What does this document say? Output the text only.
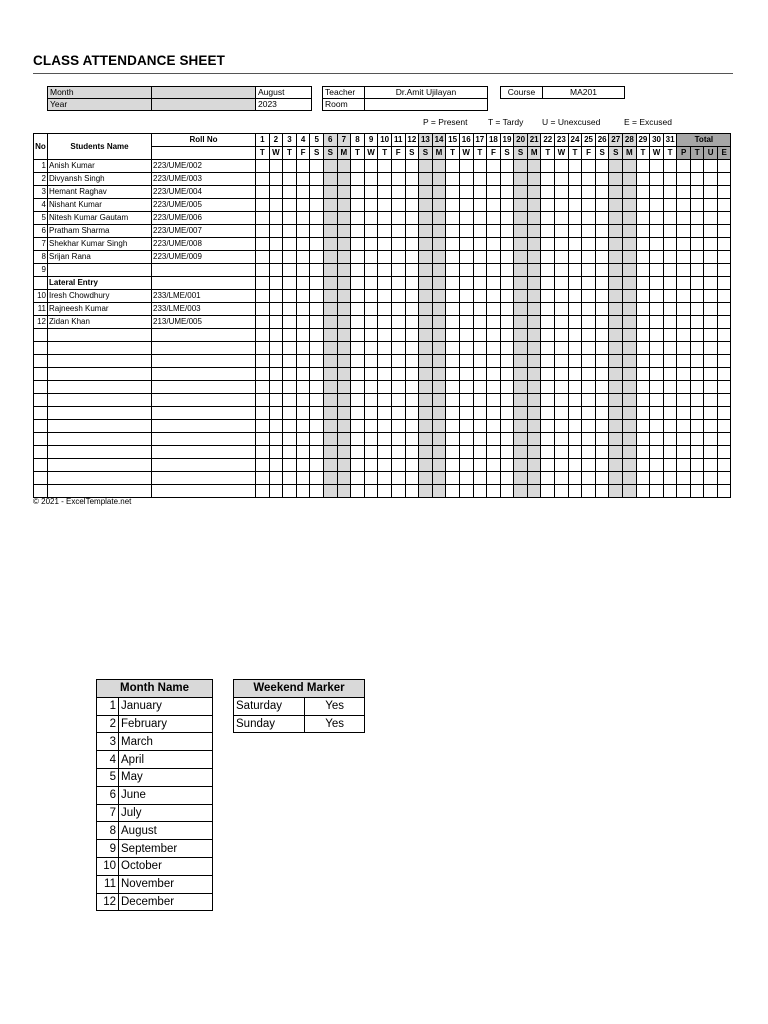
CLASS ATTENDANCE SHEET
Month		August
Year		2023
Teacher	Dr.Amit Ujilayan
Room	
Course	MA201
P = Present T = Tardy U = Unexcused	E = Excused
No	Students Name	Roll No	1	2	3	4	5	6	7	8	9	10	11	12	13	14	15	16	17	18	19	20	21	22	23	24	25	26	27	28	29	30	31	Total			
			T	W	T	F	S	S	M	T	W	T	F	S	S	M	T	W	T	F	S	S	M	T	W	T	F	S	S	M	T	W	T	P	T	U	E
1	Anish Kumar	223/UME/002																																			
2	Divyansh Singh	223/UME/003																																			
3	Hemant Raghav	223/UME/004																																			
4	Nishant Kumar	223/UME/005																																			
5	Nitesh Kumar Gautam	223/UME/006																																			
6	Pratham Sharma	223/UME/007																																			
7	Shekhar Kumar Singh	223/UME/008																																			
8	Srijan Rana	223/UME/009																																			
9																																					
	Lateral Entry																																				
10	Iresh Chowdhury	233/LME/001																																			
11	Rajneesh Kumar	233/LME/003																																			
12	Zidan Khan	213/UME/005																																			

© 2021 - ExcelTemplate.net
Month Name	
1	January
2	February
3	March
4	April
5	May
6	June
7	July
8	August
9	September
10	October
11	November
12	December
Weekend Marker	
Saturday	Yes
Sunday	Yes
